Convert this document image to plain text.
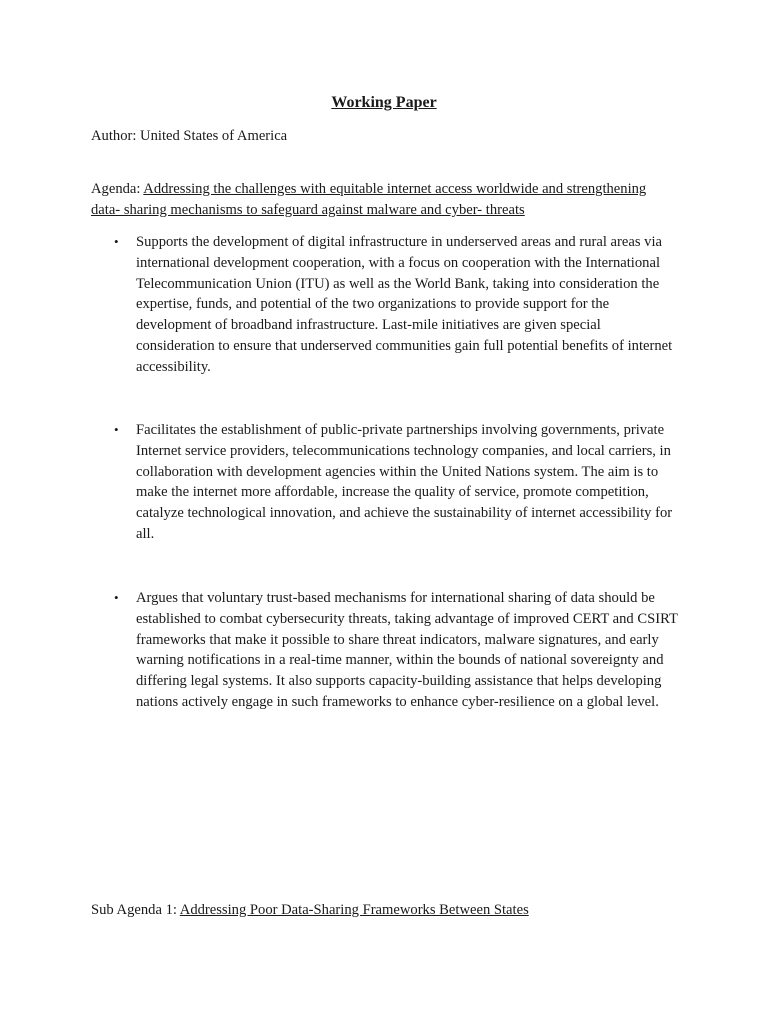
Working Paper
Author: United States of America
Agenda: Addressing the challenges with equitable internet access worldwide and strengthening data- sharing mechanisms to safeguard against malware and cyber- threats
• Supports the development of digital infrastructure in underserved areas and rural areas via international development cooperation, with a focus on cooperation with the International Telecommunication Union (ITU) as well as the World Bank, taking into consideration the expertise, funds, and potential of the two organizations to provide support for the development of broadband infrastructure. Last-mile initiatives are given special consideration to ensure that underserved communities gain full potential benefits of internet accessibility.
• Facilitates the establishment of public-private partnerships involving governments, private Internet service providers, telecommunications technology companies, and local carriers, in collaboration with development agencies within the United Nations system. The aim is to make the internet more affordable, increase the quality of service, promote competition, catalyze technological innovation, and achieve the sustainability of internet accessibility for all.
• Argues that voluntary trust-based mechanisms for international sharing of data should be established to combat cybersecurity threats, taking advantage of improved CERT and CSIRT frameworks that make it possible to share threat indicators, malware signatures, and early warning notifications in a real-time manner, within the bounds of national sovereignty and differing legal systems. It also supports capacity-building assistance that helps developing nations actively engage in such frameworks to enhance cyber-resilience on a global level.
Sub Agenda 1: Addressing Poor Data-Sharing Frameworks Between States
